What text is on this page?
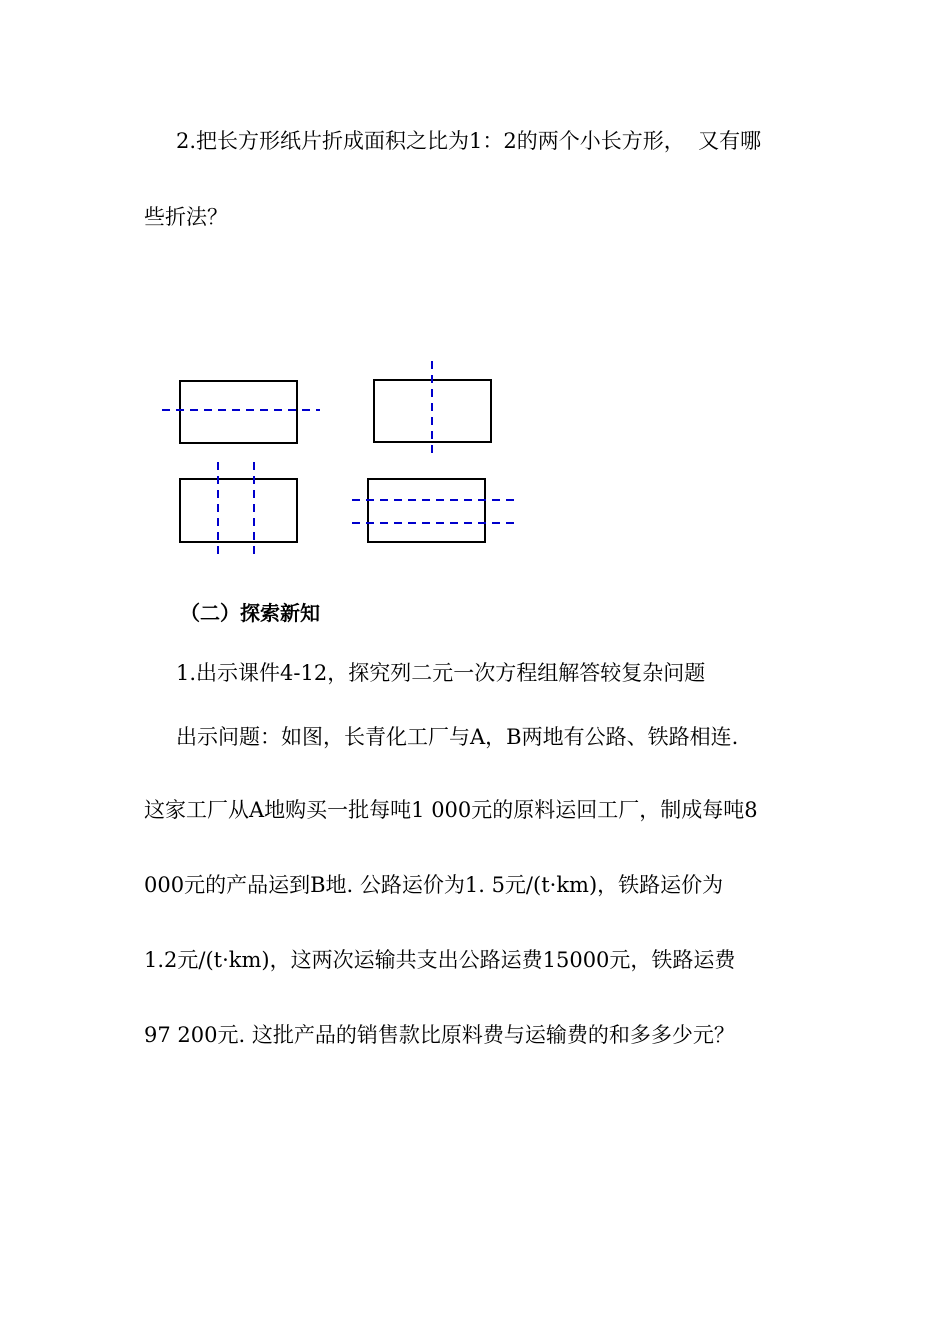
2.把长方形纸片折成面积之比为1：2的两个小长方形，  又有哪
些折法？
（二）探索新知
1.出示课件4-12，探究列二元一次方程组解答较复杂问题
出示问题：如图，长青化工厂与A，B两地有公路、铁路相连.
这家工厂从A地购买一批每吨1 000元的原料运回工厂，制成每吨8
000元的产品运到B地. 公路运价为1. 5元/(t·km)，铁路运价为
1.2元/(t·km)，这两次运输共支出公路运费15000元，铁路运费
97 200元. 这批产品的销售款比原料费与运输费的和多多少元？
